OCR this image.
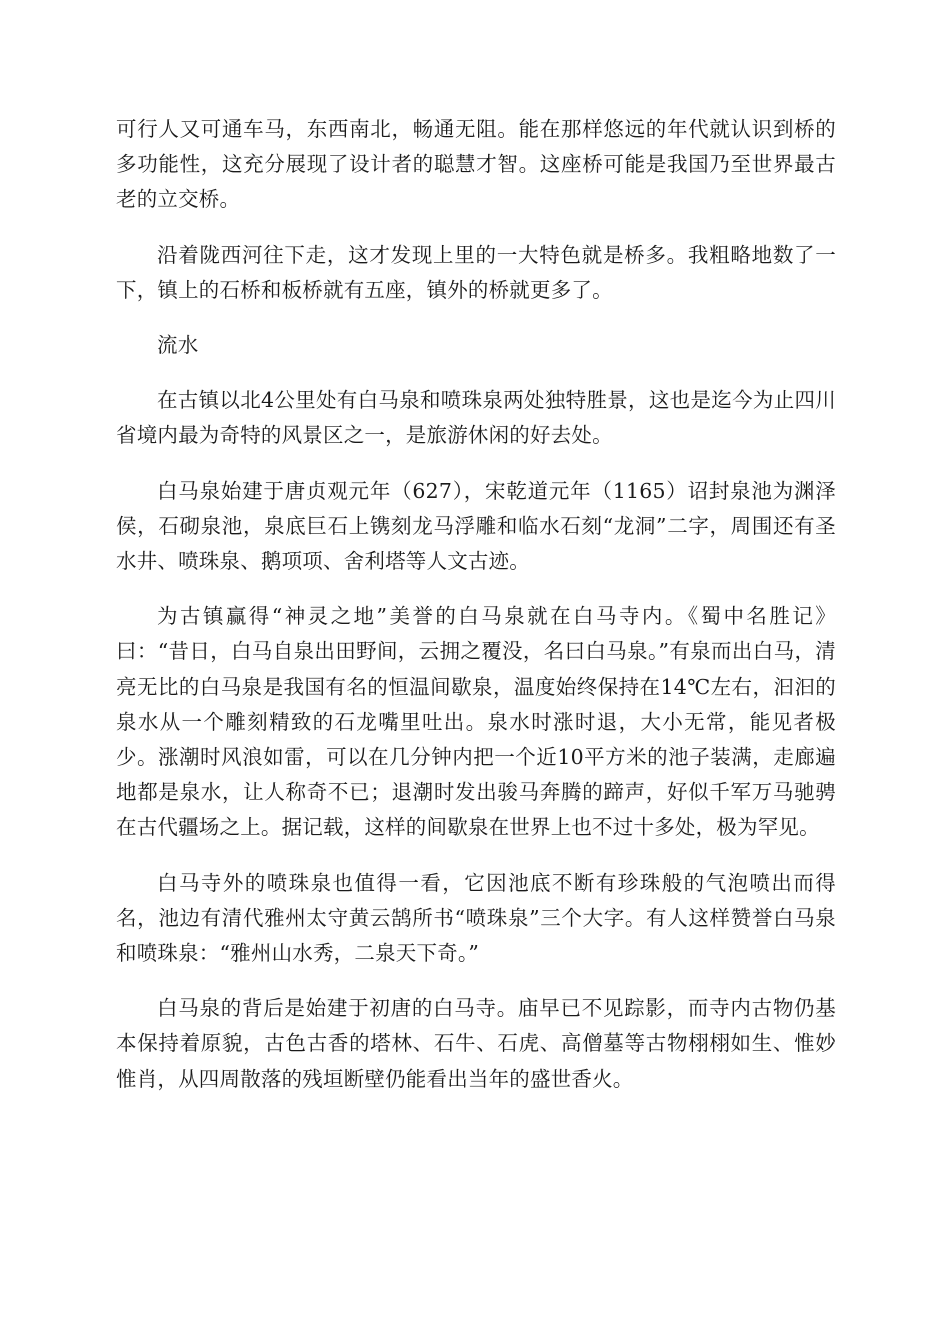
可行人又可通车马，东西南北，畅通无阻。能在那样悠远的年代就认识到桥的多功能性，这充分展现了设计者的聪慧才智。这座桥可能是我国乃至世界最古老的立交桥。

沿着陇西河往下走，这才发现上里的一大特色就是桥多。我粗略地数了一下，镇上的石桥和板桥就有五座，镇外的桥就更多了。

流水

在古镇以北4公里处有白马泉和喷珠泉两处独特胜景，这也是迄今为止四川省境内最为奇特的风景区之一，是旅游休闲的好去处。

白马泉始建于唐贞观元年（627），宋乾道元年（1165）诏封泉池为渊泽侯，石砌泉池，泉底巨石上镌刻龙马浮雕和临水石刻“龙洞”二字，周围还有圣水井、喷珠泉、鹅项项、舍利塔等人文古迹。

为古镇赢得“神灵之地”美誉的白马泉就在白马寺内。《蜀中名胜记》曰：“昔日，白马自泉出田野间，云拥之覆没，名曰白马泉。”有泉而出白马，清亮无比的白马泉是我国有名的恒温间歇泉，温度始终保持在14℃左右，汩汩的泉水从一个雕刻精致的石龙嘴里吐出。泉水时涨时退，大小无常，能见者极少。涨潮时风浪如雷，可以在几分钟内把一个近10平方米的池子装满，走廊遍地都是泉水，让人称奇不已；退潮时发出骏马奔腾的蹄声，好似千军万马驰骋在古代疆场之上。据记载，这样的间歇泉在世界上也不过十多处，极为罕见。

白马寺外的喷珠泉也值得一看，它因池底不断有珍珠般的气泡喷出而得名，池边有清代雅州太守黄云鹄所书“喷珠泉”三个大字。有人这样赞誉白马泉和喷珠泉：“雅州山水秀，二泉天下奇。”

白马泉的背后是始建于初唐的白马寺。庙早已不见踪影，而寺内古物仍基本保持着原貌，古色古香的塔林、石牛、石虎、高僧墓等古物栩栩如生、惟妙惟肖，从四周散落的残垣断壁仍能看出当年的盛世香火。
